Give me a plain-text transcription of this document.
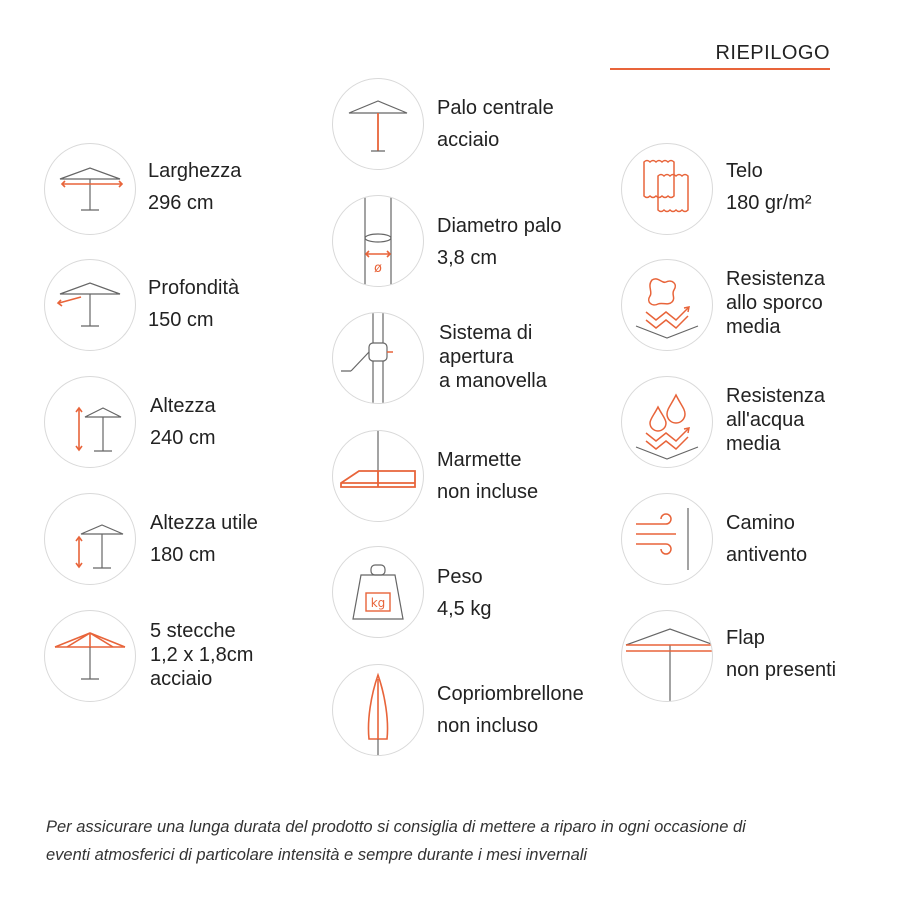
RIEPILOGO
Larghezza
296 cm
Profondità
150 cm
Altezza
240 cm
Altezza utile
180 cm
5 stecche
1,2 x 1,8cm
acciaio
Palo centrale
acciaio
ø
Diametro palo
3,8 cm
Sistema di
apertura
a manovella
Marmette
non incluse
kg
Peso
4,5 kg
Copriombrellone
non incluso
Telo
180 gr/m²
Resistenza
allo sporco
media
Resistenza
all'acqua
media
Camino
antivento
Flap
non presenti
Per assicurare una lunga durata del prodotto si consiglia di mettere a riparo in ogni occasione di
eventi atmosferici di particolare intensità e sempre durante i mesi invernali
